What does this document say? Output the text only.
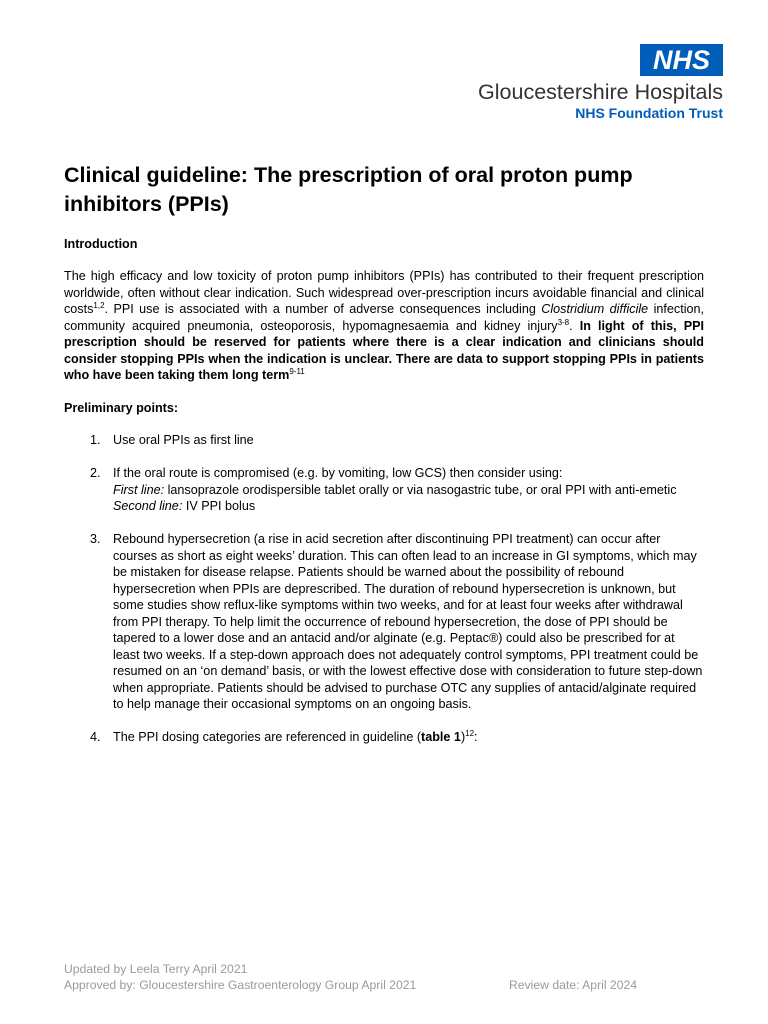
NHS
Gloucestershire Hospitals
NHS Foundation Trust
Clinical guideline: The prescription of oral proton pump inhibitors (PPIs)
Introduction
The high efficacy and low toxicity of proton pump inhibitors (PPIs) has contributed to their frequent prescription worldwide, often without clear indication. Such widespread over-prescription incurs avoidable financial and clinical costs$^{1,2}$. PPI use is associated with a number of adverse consequences including Clostridium difficile infection, community acquired pneumonia, osteoporosis, hypomagnesaemia and kidney injury$^{3-8}$. In light of this, PPI prescription should be reserved for patients where there is a clear indication and clinicians should consider stopping PPIs when the indication is unclear. There are data to support stopping PPIs in patients who have been taking them long term$^{9-11}$
Preliminary points:
1. Use oral PPIs as first line
2. If the oral route is compromised (e.g. by vomiting, low GCS) then consider using:
First line: lansoprazole orodispersible tablet orally or via nasogastric tube, or oral PPI with anti-emetic
Second line: IV PPI bolus
3. Rebound hypersecretion (a rise in acid secretion after discontinuing PPI treatment) can occur after courses as short as eight weeks’ duration. This can often lead to an increase in GI symptoms, which may be mistaken for disease relapse. Patients should be warned about the possibility of rebound hypersecretion when PPIs are deprescribed. The duration of rebound hypersecretion is unknown, but some studies show reflux-like symptoms within two weeks, and for at least four weeks after withdrawal from PPI therapy. To help limit the occurrence of rebound hypersecretion, the dose of PPI should be tapered to a lower dose and an antacid and/or alginate (e.g. Peptac®) could also be prescribed for at least two weeks. If a step-down approach does not adequately control symptoms, PPI treatment could be resumed on an ‘on demand’ basis, or with the lowest effective dose with consideration to future step-down when appropriate. Patients should be advised to purchase OTC any supplies of antacid/alginate required to help manage their occasional symptoms on an ongoing basis.
4. The PPI dosing categories are referenced in guideline (table 1)$^{12}$:
Updated by Leela Terry April 2021
Approved by: Gloucestershire Gastroenterology Group April 2021	Review date: April 2024
